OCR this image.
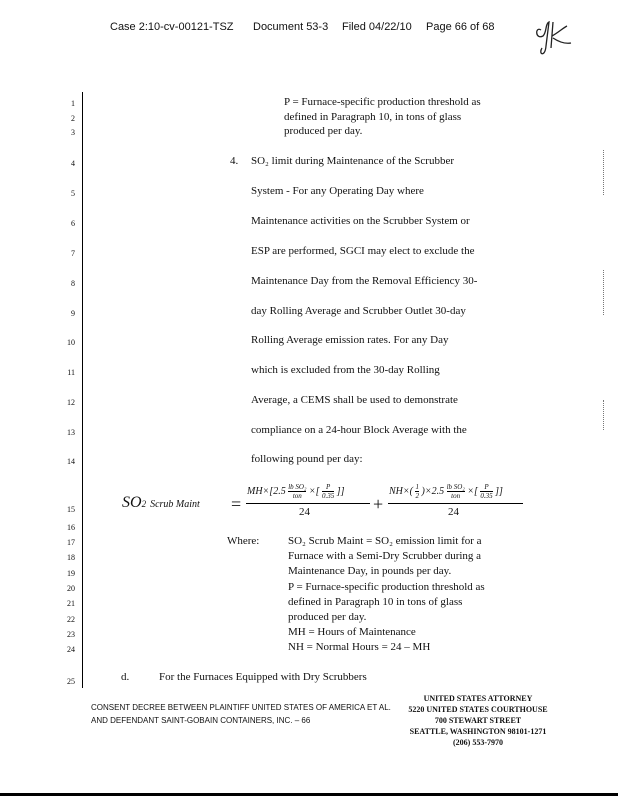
Case 2:10-cv-00121-TSZ Document 53-3 Filed 04/22/10 Page 66 of 68
1
2
3
4
5
6
7
8
9
10
11
12
13
14
15
16
17
18
19
20
21
22
23
24
25
P = Furnace-specific production threshold as
defined in Paragraph 10, in tons of glass
produced per day.
4. SO₂ limit during Maintenance of the Scrubber
System - For any Operating Day where
Maintenance activities on the Scrubber System or
ESP are performed, SGCI may elect to exclude the
Maintenance Day from the Removal Efficiency 30-
day Rolling Average and Scrubber Outlet 30-day
Rolling Average emission rates. For any Day
which is excluded from the 30-day Rolling
Average, a CEMS shall be used to demonstrate
compliance on a 24-hour Block Average with the
following pound per day:
SO2 Scrub Maint =
MH×[2.5 lb SO₂
ton ×[ $\frac{P}{0.35}$ ]]
24	+
$NH\times( \frac{1}{2} )\times 2.5$ lb SO₂
ton ×[ $\frac{P}{0.35}$ ]]
24
Where:	SO₂ Scrub Maint = SO₂ emission limit for a
Furnace with a Semi-Dry Scrubber during a
Maintenance Day, in pounds per day.
P = Furnace-specific production threshold as
defined in Paragraph 10 in tons of glass
produced per day.
MH = Hours of Maintenance
NH = Normal Hours = 24 – MH
d.	For the Furnaces Equipped with Dry Scrubbers
CONSENT DECREE BETWEEN PLAINTIFF UNITED STATES OF AMERICA ET AL.
AND DEFENDANT SAINT-GOBAIN CONTAINERS, INC. – 66
UNITED STATES ATTORNEY
5220 UNITED STATES COURTHOUSE
700 STEWART STREET
SEATTLE, WASHINGTON 98101-1271
(206) 553-7970
